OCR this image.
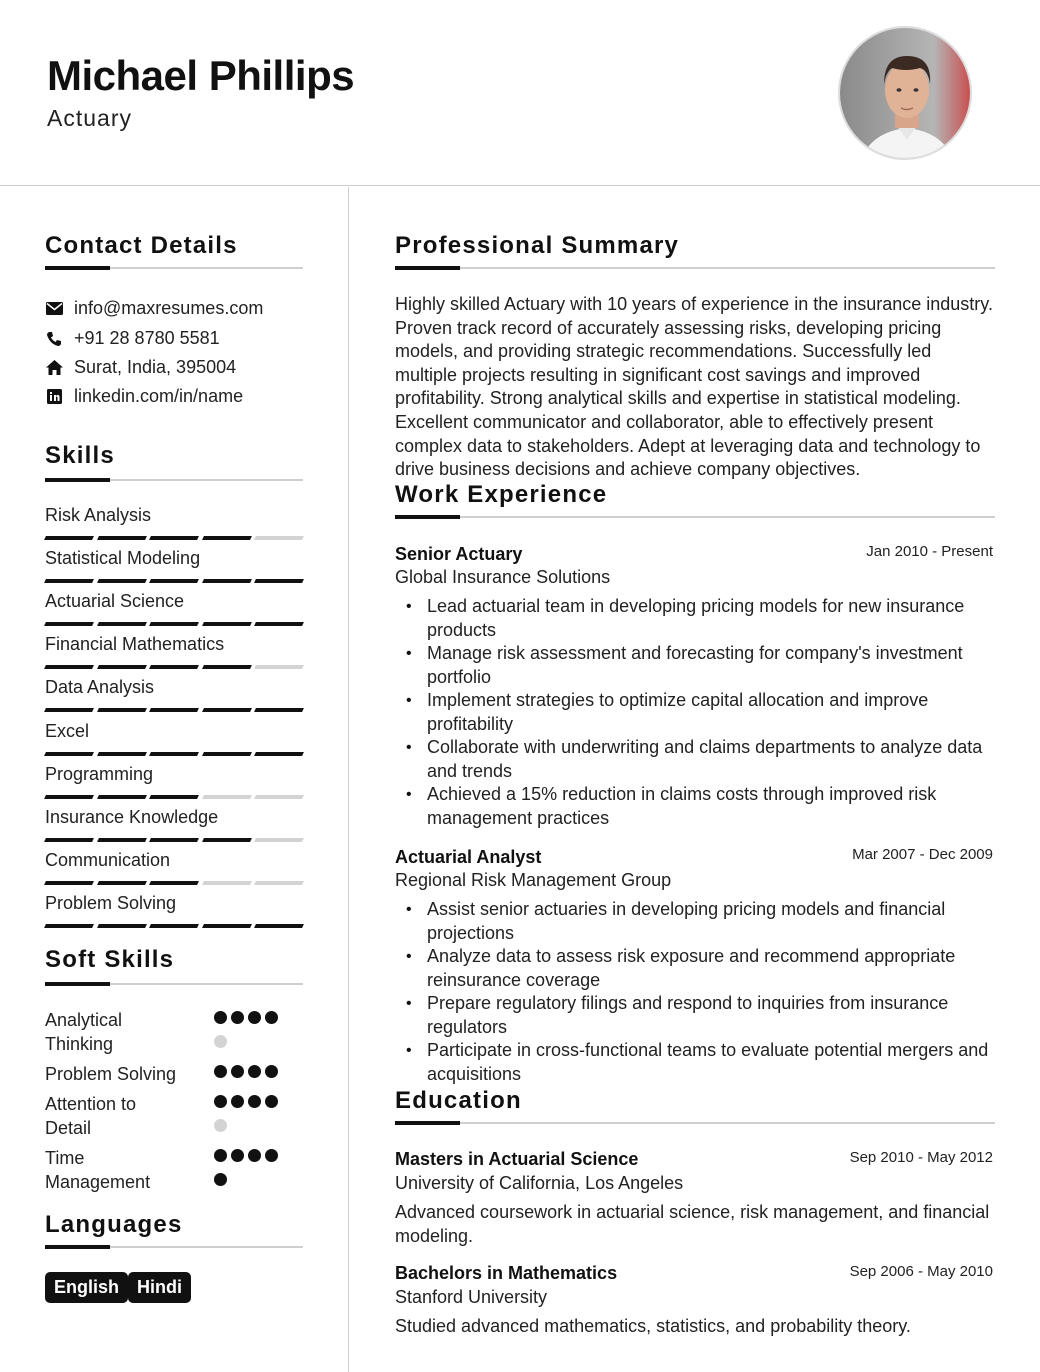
Michael Phillips
Actuary
Contact Details
info@maxresumes.com
+91 28 8780 5581
Surat, India, 395004
linkedin.com/in/name
Skills
Risk Analysis
Statistical Modeling
Actuarial Science
Financial Mathematics
Data Analysis
Excel
Programming
Insurance Knowledge
Communication
Problem Solving
Soft Skills
Analytical Thinking
Problem Solving
Attention to Detail
Time Management
Languages
English Hindi
Professional Summary
Highly skilled Actuary with 10 years of experience in the insurance industry. Proven track record of accurately assessing risks, developing pricing models, and providing strategic recommendations. Successfully led multiple projects resulting in significant cost savings and improved profitability. Strong analytical skills and expertise in statistical modeling. Excellent communicator and collaborator, able to effectively present complex data to stakeholders. Adept at leveraging data and technology to drive business decisions and achieve company objectives.
Work Experience
Senior Actuary	Jan 2010 - Present
Global Insurance Solutions
• Lead actuarial team in developing pricing models for new insurance products
• Manage risk assessment and forecasting for company's investment portfolio
• Implement strategies to optimize capital allocation and improve profitability
• Collaborate with underwriting and claims departments to analyze data and trends
• Achieved a 15% reduction in claims costs through improved risk management practices
Actuarial Analyst	Mar 2007 - Dec 2009
Regional Risk Management Group
• Assist senior actuaries in developing pricing models and financial projections
• Analyze data to assess risk exposure and recommend appropriate reinsurance coverage
• Prepare regulatory filings and respond to inquiries from insurance regulators
• Participate in cross-functional teams to evaluate potential mergers and acquisitions
Education
Masters in Actuarial Science	Sep 2010 - May 2012
University of California, Los Angeles
Advanced coursework in actuarial science, risk management, and financial modeling.
Bachelors in Mathematics	Sep 2006 - May 2010
Stanford University
Studied advanced mathematics, statistics, and probability theory.
